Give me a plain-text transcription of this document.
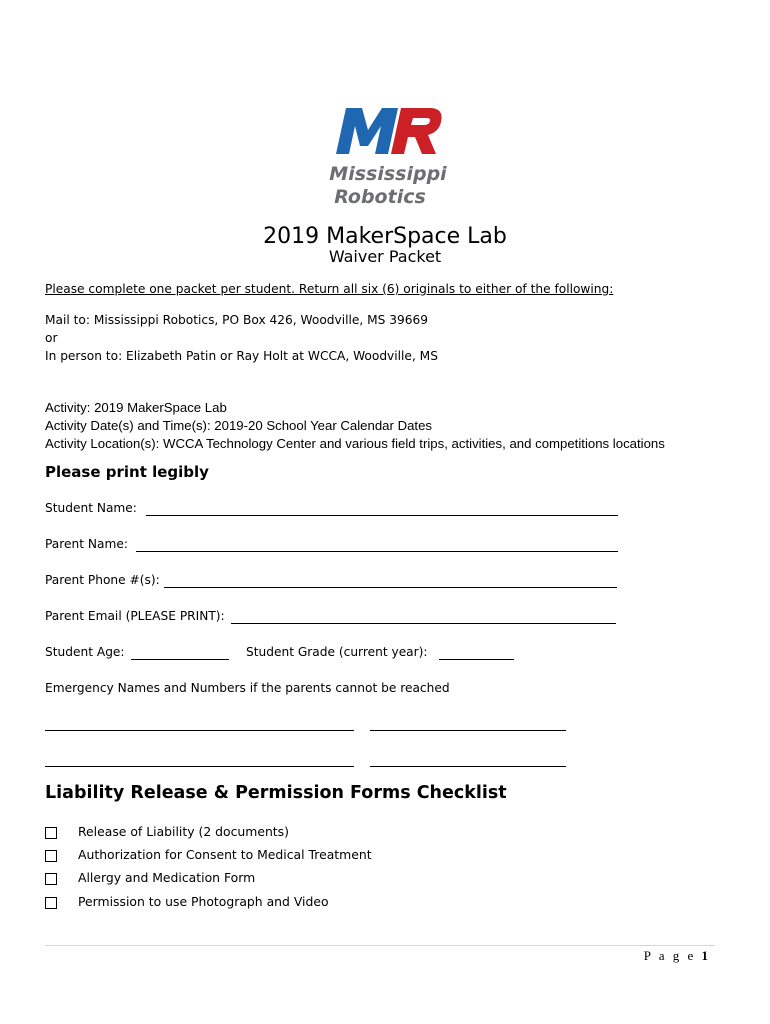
Mississippi
Robotics
2019 MakerSpace Lab
Waiver Packet
Please complete one packet per student. Return all six (6) originals to either of the following:
Mail to: Mississippi Robotics, PO Box 426, Woodville, MS 39669
or
In person to: Elizabeth Patin or Ray Holt at WCCA, Woodville, MS
Activity: 2019 MakerSpace Lab
Activity Date(s) and Time(s): 2019-20 School Year Calendar Dates
Activity Location(s): WCCA Technology Center and various field trips, activities, and competitions locations
Please print legibly
Student Name:
Parent Name:
Parent Phone #(s):
Parent Email (PLEASE PRINT):
Student Age:	Student Grade (current year):
Emergency Names and Numbers if the parents cannot be reached
Liability Release & Permission Forms Checklist
Release of Liability (2 documents)
Authorization for Consent to Medical Treatment
Allergy and Medication Form
Permission to use Photograph and Video
P a g e 1
